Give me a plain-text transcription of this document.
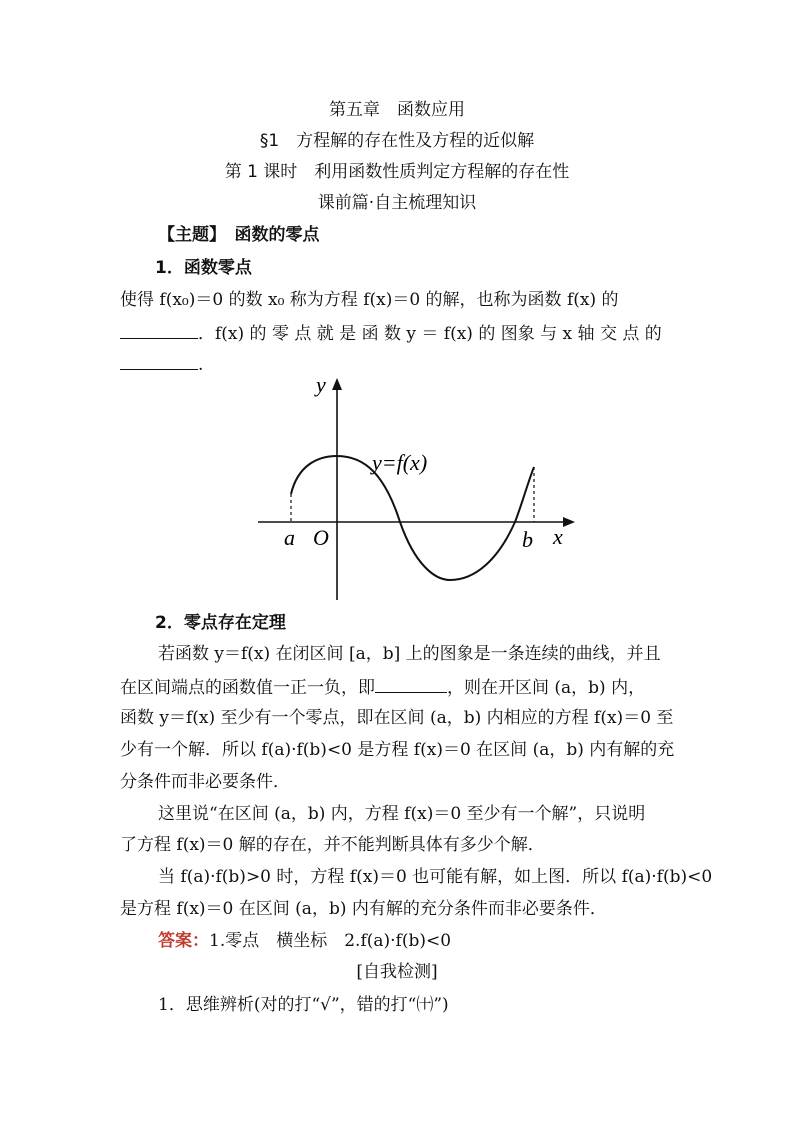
第五章　函数应用
§1　方程解的存在性及方程的近似解
第 1 课时　利用函数性质判定方程解的存在性
课前篇·自主梳理知识
【主题】　函数的零点
1．函数零点
使得 f(x₀)＝0 的数 x₀ 称为方程 f(x)＝0 的解，也称为函数 f(x) 的
．f(x) 的 零 点 就 是 函 数 y ＝ f(x) 的 图象 与 x 轴 交 点 的
.
y
x
O
a	b
y=f(x)
2．零点存在定理
若函数 y＝f(x) 在闭区间 [a，b] 上的图象是一条连续的曲线，并且
在区间端点的函数值一正一负，即	，则在开区间 (a，b) 内，
函数 y＝f(x) 至少有一个零点，即在区间 (a，b) 内相应的方程 f(x)＝0 至
少有一个解．所以 f(a)·f(b)<0 是方程 f(x)＝0 在区间 (a，b) 内有解的充
分条件而非必要条件．
这里说“在区间 (a，b) 内，方程 f(x)＝0 至少有一个解”，只说明
了方程 f(x)＝0 解的存在，并不能判断具体有多少个解．
当 f(a)·f(b)>0 时，方程 f(x)＝0 也可能有解，如上图．所以 f(a)·f(b)<0
是方程 f(x)＝0 在区间 (a，b) 内有解的充分条件而非必要条件．
答案：1.零点　横坐标　2.f(a)·f(b)<0
[自我检测]
1．思维辨析(对的打“√”，错的打“㈩”)
